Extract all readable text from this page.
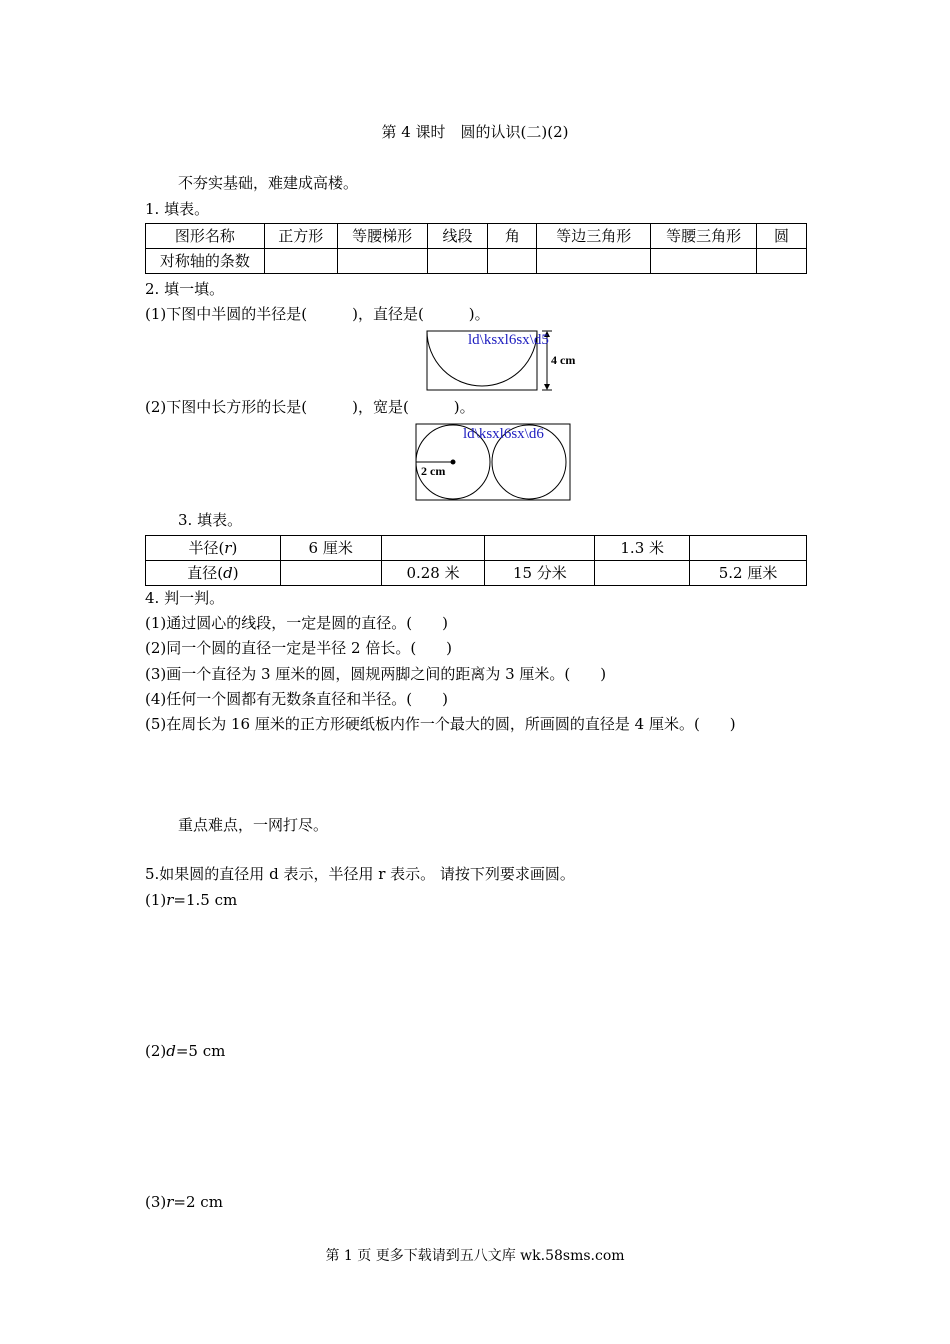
第 4 课时　圆的认识(二)(2)
不夯实基础，难建成高楼。
1. 填表。
图形名称	正方形	等腰梯形	线段	角	等边三角形	等腰三角形	圆
对称轴的条数							
2. 填一填。
(1)下图中半圆的半径是(　　　)，直径是(　　　)。
ld\ksxl6sx\d5
4 cm
(2)下图中长方形的长是(　　　)，宽是(　　　)。
ld\ksxl6sx\d6
2 cm
3. 填表。
半径(r)	6 厘米			1.3 米	
直径(d)		0.28 米	15 分米		5.2 厘米
4. 判一判。
(1)通过圆心的线段，一定是圆的直径。(　　)
(2)同一个圆的直径一定是半径 2 倍长。(　　)
(3)画一个直径为 3 厘米的圆，圆规两脚之间的距离为 3 厘米。(　　)
(4)任何一个圆都有无数条直径和半径。(　　)
(5)在周长为 16 厘米的正方形硬纸板内作一个最大的圆，所画圆的直径是 4 厘米。(　　)
重点难点，一网打尽。
5.如果圆的直径用 d 表示，半径用 r 表示。 请按下列要求画圆。
(1)r=1.5 cm
(2)d=5 cm
(3)r=2 cm
第 1 页 更多下载请到五八文库 wk.58sms.com
